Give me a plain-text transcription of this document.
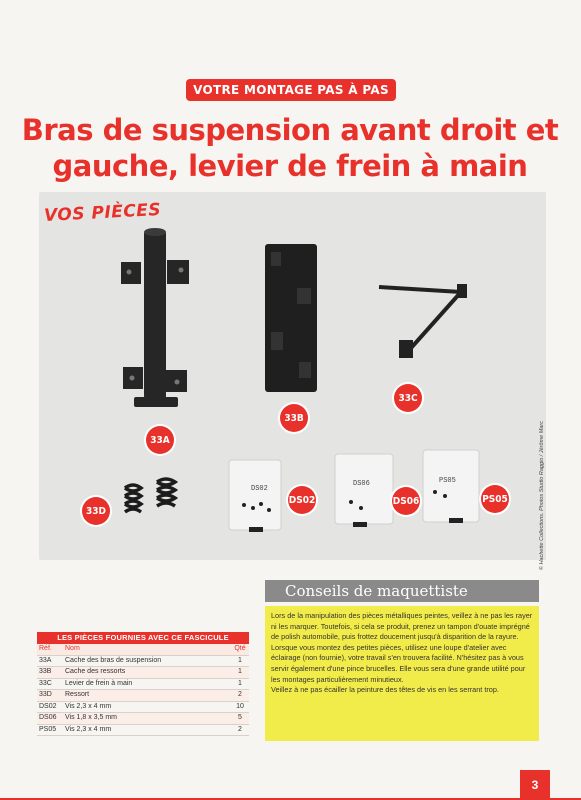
VOTRE MONTAGE PAS À PAS
Bras de suspension avant droit et
gauche, levier de frein à main
DS02
DS06	PS05
VOS PIÈCES
33A
33B
33C
33D
DS02	DS06	PS05	© Hachette Collections. Photos Studio Raggio / Jérôme Marc
LES PIÈCES FOURNIES AVEC CE FASCICULE
Réf.	Nom	Qté
33A	Cache des bras de suspension	1
33B	Cache des ressorts	1
33C	Levier de frein à main	1
33D	Ressort	2
DS02	Vis 2,3 x 4 mm	10
DS06	Vis 1,8 x 3,5 mm	5
PS05	Vis 2,3 x 4 mm	2
Conseils de maquettiste

Lors de la manipulation des pièces métalliques peintes, veillez à ne pas les rayer ni les marquer. Toutefois, si cela se produit, prenez un tampon d'ouate imprégné de polish automobile, puis frottez doucement jusqu'à disparition de la rayure.

Lorsque vous montez des petites pièces, utilisez une loupe d'atelier avec éclairage (non fournie), votre travail s'en trouvera facilité. N'hésitez pas à vous servir également d'une pince brucelles. Elle vous sera d'une grande utilité pour les montages particulièrement minutieux.

Veillez à ne pas écailler la peinture des têtes de vis en les serrant trop.

3
